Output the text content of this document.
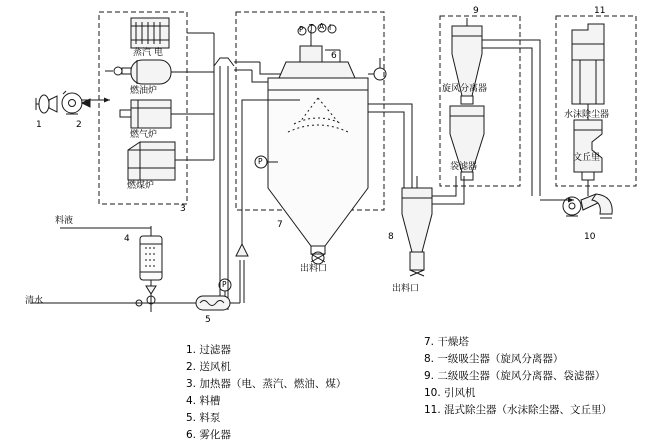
蒸汽 电
燃油炉
燃气炉
燃煤炉
旋风分离器
袋滤器
水沫除尘器
文丘里
料液
清水
出料口
出料口
1	2
3
4
5
6
7
8
9
10
11
P T A I
P
P
1. 过滤器
2. 送风机
3. 加热器（电、蒸汽、燃油、煤）
4. 料槽
5. 料泵
6. 雾化器
7. 干燥塔
8. 一级吸尘器（旋风分离器）
9. 二级吸尘器（旋风分离器、袋滤器）
10. 引风机
11. 混式除尘器（水沫除尘器、文丘里）
